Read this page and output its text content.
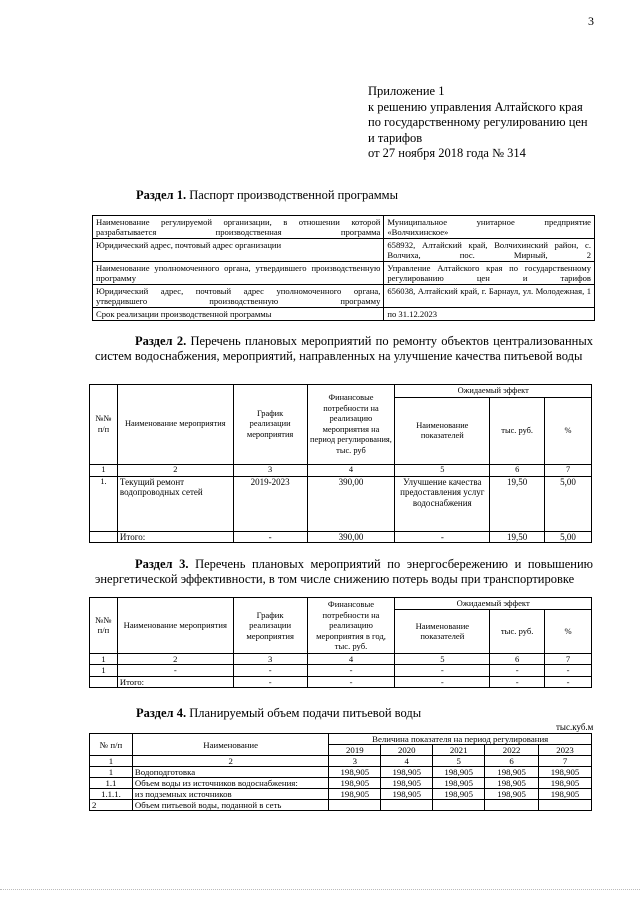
3
Приложение 1
к решению управления Алтайского края
по государственному регулированию цен
и тарифов
от 27 ноября 2018 года № 314
Раздел 1. Паспорт производственной программы
Наименование регулируемой организации, в отношении которой разрабатывается производственная программа	Муниципальное унитарное предприятие «Волчихинское»
Юридический адрес, почтовый адрес организации	658932, Алтайский край, Волчихинский район, с. Волчиха, пос. Мирный, 2
Наименование уполномоченного органа, утвердившего производственную программу	Управление Алтайского края по государственному регулированию цен и тарифов
Юридический адрес, почтовый адрес уполномоченного органа, утвердившего производственную программу	656038, Алтайский край, г. Барнаул, ул. Молодежная, 1
Срок реализации производственной программы	по 31.12.2023
Раздел 2. Перечень плановых мероприятий по ремонту объектов централизованных систем водоснабжения, мероприятий, направленных на улучшение качества питьевой воды
№№ п/п	Наименование мероприятия	График реализации мероприятия	Финансовые потребности на реализацию мероприятия на период регулирования, тыс. руб	Ожидаемый эффект		
				Наименование показателей	тыс. руб.	%
1	2	3	4	5	6	7
1.	Текущий ремонт водопроводных сетей	2019-2023	390,00	Улучшение качества предоставления услуг водоснабжения	19,50	5,00
	Итого:	-	390,00	-	19,50	5,00
Раздел 3. Перечень плановых мероприятий по энергосбережению и повышению энергетической эффективности, в том числе снижению потерь воды при транспортировке
№№ п/п	Наименование мероприятия	График реализации мероприятия	Финансовые потребности на реализацию мероприятия в год, тыс. руб.	Ожидаемый эффект		
				Наименование показателей	тыс. руб.	%
1	2	3	4	5	6	7
1	-	-	-	-	-	-
	Итого:	-	-	-	-	-
Раздел 4. Планируемый объем подачи питьевой воды
тыс.куб.м
№ п/п	Наименование	Величина показателя на период регулирования				
		2019	2020	2021	2022	2023
1	2	3	4	5	6	7
1	Водоподготовка	198,905	198,905	198,905	198,905	198,905
1.1	Объем воды из источников водоснабжения:	198,905	198,905	198,905	198,905	198,905
1.1.1.	из подземных источников	198,905	198,905	198,905	198,905	198,905
2	Объем питьевой воды, поданной в сеть					
